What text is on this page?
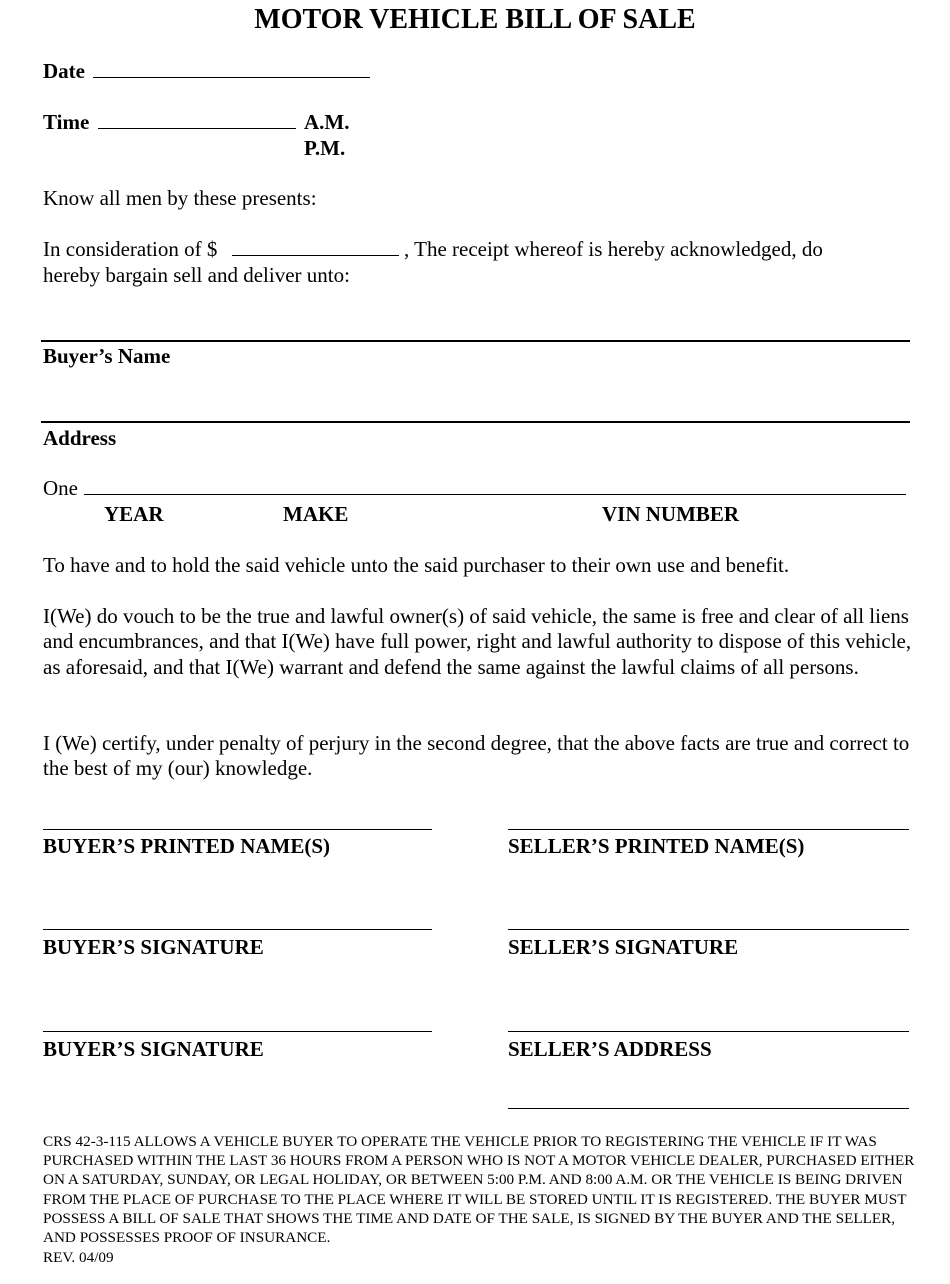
MOTOR VEHICLE BILL OF SALE
Date
Time	A.M.
P.M.
Know all men by these presents:
In consideration of $	, The receipt whereof is hereby acknowledged, do
hereby bargain sell and deliver unto:
Buyer’s Name
Address
One
YEAR	MAKE	VIN NUMBER
To have and to hold the said vehicle unto the said purchaser to their own use and benefit.
I(We) do vouch to be the true and lawful owner(s) of said vehicle, the same is free and clear of all liens and encumbrances, and that I(We) have full power, right and lawful authority to dispose of this vehicle, as aforesaid, and that I(We) warrant and defend the same against the lawful claims of all persons.
I (We) certify, under penalty of perjury in the second degree, that the above facts are true and correct to the best of my (our) knowledge.
BUYER’S PRINTED NAME(S)	SELLER’S PRINTED NAME(S)
BUYER’S SIGNATURE	SELLER’S SIGNATURE
BUYER’S SIGNATURE	SELLER’S ADDRESS
CRS 42-3-115 ALLOWS A VEHICLE BUYER TO OPERATE THE VEHICLE PRIOR TO REGISTERING THE VEHICLE IF IT WAS PURCHASED WITHIN THE LAST 36 HOURS FROM A PERSON WHO IS NOT A MOTOR VEHICLE DEALER, PURCHASED EITHER ON A SATURDAY, SUNDAY, OR LEGAL HOLIDAY, OR BETWEEN 5:00 P.M. AND 8:00 A.M. OR THE VEHICLE IS BEING DRIVEN FROM THE PLACE OF PURCHASE TO THE PLACE WHERE IT WILL BE STORED UNTIL IT IS REGISTERED. THE BUYER MUST POSSESS A BILL OF SALE THAT SHOWS THE TIME AND DATE OF THE SALE, IS SIGNED BY THE BUYER AND THE SELLER, AND POSSESSES PROOF OF INSURANCE.
REV. 04/09
